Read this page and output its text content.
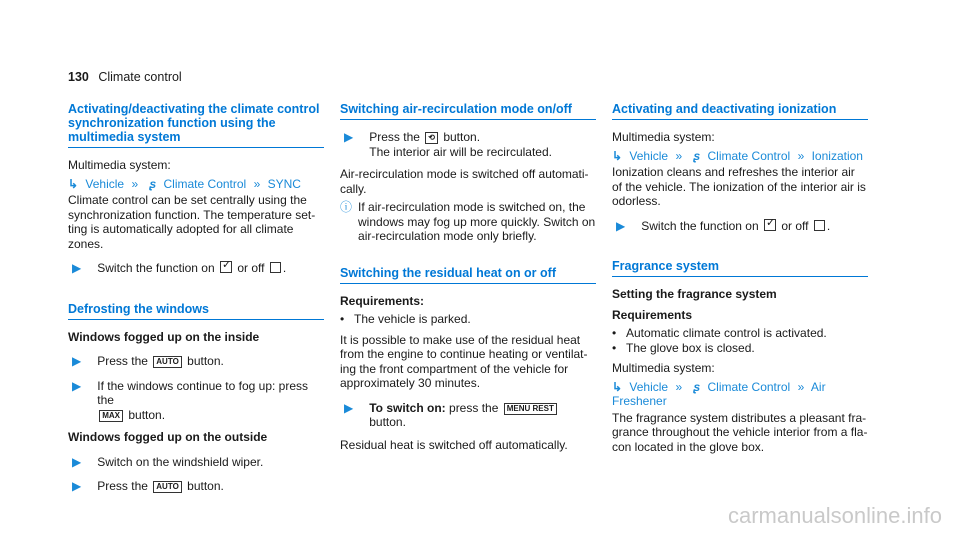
130 Climate control
Activating/deactivating the climate control synchronization function using the multimedia system

Multimedia system:

↳ Vehicle » ʂ Climate Control » SYNC

Climate control can be set centrally using the synchronization function. The temperature setting is automatically adopted for all climate zones.

▶ Switch the function on ✓ or off .
Defrosting the windows
Windows fogged up on the inside
▶ Press the AUTO button.
▶ If the windows continue to fog up: press the
MAX button.
Windows fogged up on the outside
▶ Switch on the windshield wiper.
▶ Press the AUTO button.
Switching air-recirculation mode on/off
▶ Press the ⟲ button.
The interior air will be recirculated.

Air-recirculation mode is switched off automatically.

ⓘ If air-recirculation mode is switched on, the windows may fog up more quickly. Switch on air-recirculation mode only briefly.

Switching the residual heat on or off

Requirements:

• The vehicle is parked.

It is possible to make use of the residual heat from the engine to continue heating or ventilating the front compartment of the vehicle for approximately 30 minutes.

▶ To switch on: press the MENU REST button.

Residual heat is switched off automatically.

Activating and deactivating ionization

Multimedia system:

↳ Vehicle » ʂ Climate Control » Ionization

Ionization cleans and refreshes the interior air of the vehicle. The ionization of the interior air is odorless.

▶ Switch the function on ✓ or off .
Fragrance system
Setting the fragrance system

Requirements

• Automatic climate control is activated.
• The glove box is closed.

Multimedia system:

↳ Vehicle » ʂ Climate Control » Air Freshener

The fragrance system distributes a pleasant fragrance throughout the vehicle interior from a flacon located in the glove box.

carmanualsonline.info
